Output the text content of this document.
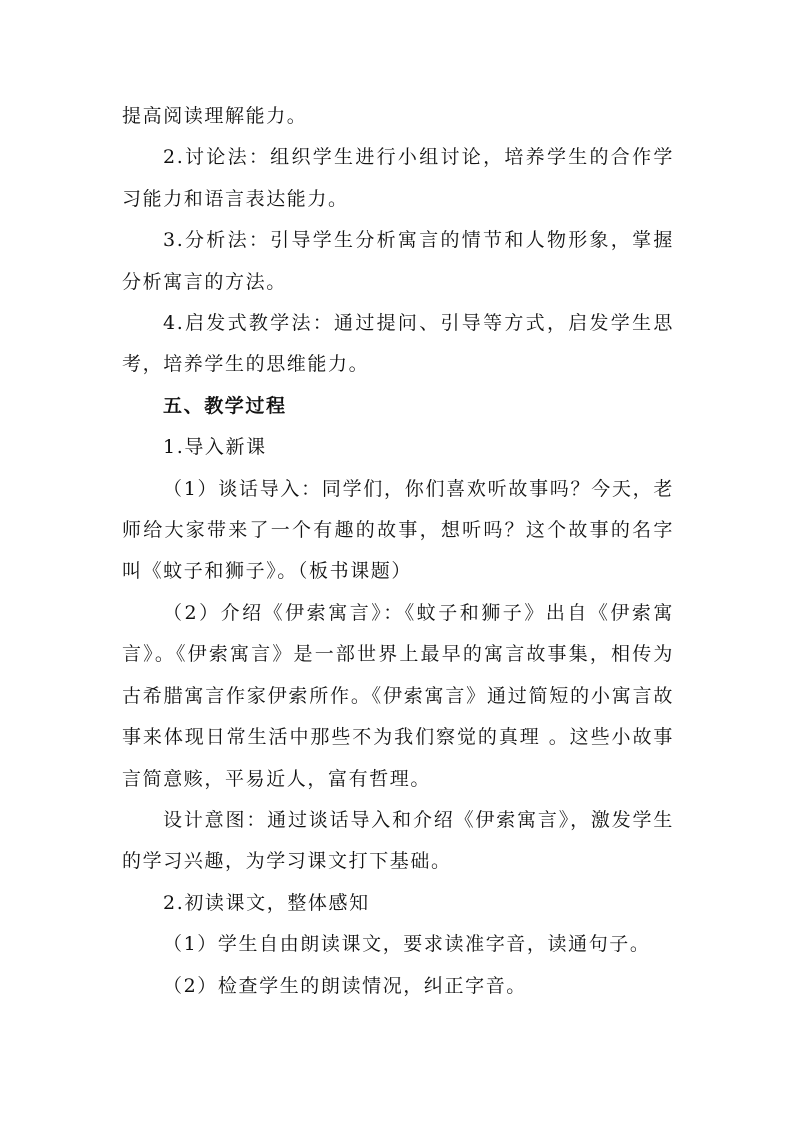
提高阅读理解能力。

2.讨论法：组织学生进行小组讨论，培养学生的合作学习能力和语言表达能力。

3.分析法：引导学生分析寓言的情节和人物形象，掌握分析寓言的方法。

4.启发式教学法：通过提问、引导等方式，启发学生思考，培养学生的思维能力。

五、教学过程

1.导入新课

（1）谈话导入：同学们，你们喜欢听故事吗？今天，老师给大家带来了一个有趣的故事，想听吗？这个故事的名字叫《蚊子和狮子》。（板书课题）

（2）介绍《伊索寓言》：《蚊子和狮子》出自《伊索寓言》。《伊索寓言》是一部世界上最早的寓言故事集，相传为古希腊寓言作家伊索所作。《伊索寓言》通过简短的小寓言故事来体现日常生活中那些不为我们察觉的真理 。这些小故事言简意赅，平易近人，富有哲理。

设计意图：通过谈话导入和介绍《伊索寓言》，激发学生的学习兴趣，为学习课文打下基础。

2.初读课文，整体感知

（1）学生自由朗读课文，要求读准字音，读通句子。

（2）检查学生的朗读情况，纠正字音。
